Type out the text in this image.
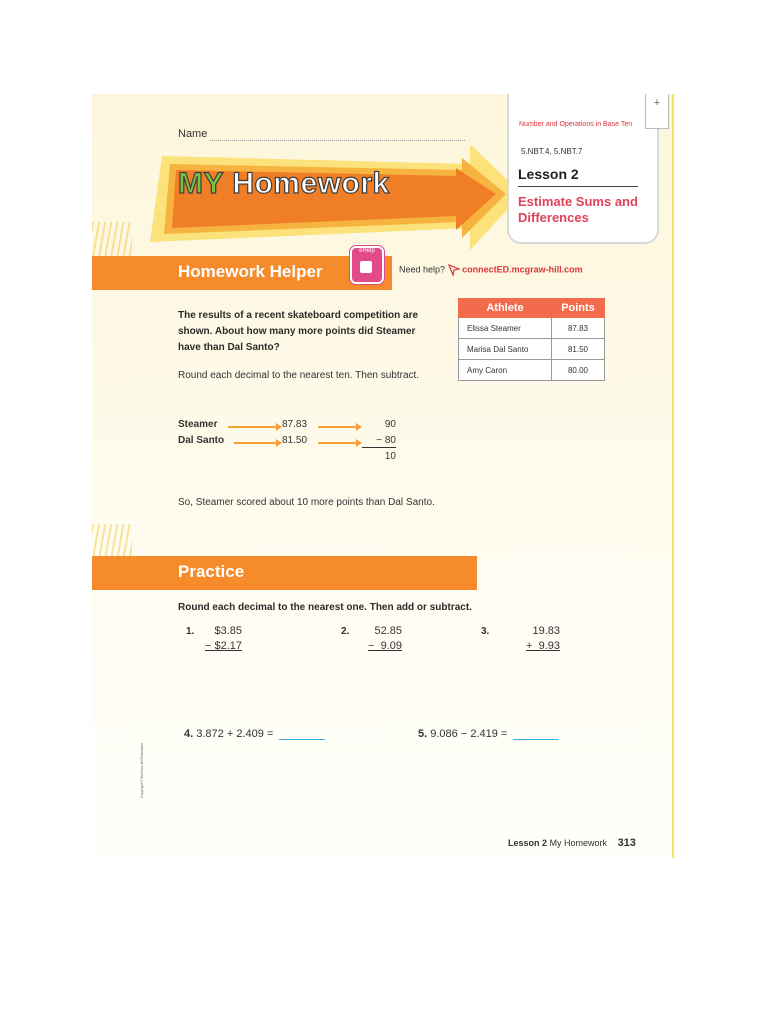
Name
MY Homework
Number and Operations in Base Ten
5.NBT.4, 5.NBT.7
Lesson 2
Estimate Sums and Differences
+
Homework Helper
eHelp
Need help? connectED.mcgraw-hill.com
The results of a recent skateboard competition are shown. About how many more points did Steamer have than Dal Santo?
Round each decimal to the nearest ten. Then subtract.
Athlete	Points
Elissa Steamer	87.83
Marisa Dal Santo	81.50
Amy Caron	80.00
Steamer	87.83	90
Dal Santo	81.50	− 80
10
So, Steamer scored about 10 more points than Dal Santo.
Practice
Round each decimal to the nearest one. Then add or subtract.
1.	$3.85
− $2.17
2.	52.85
−  9.09
3.	19.83
+  9.93
4. 3.872 + 2.409 =	5. 9.086 − 2.419 =
Lesson 2 My Homework 313
Copyright © McGraw-Hill Education
